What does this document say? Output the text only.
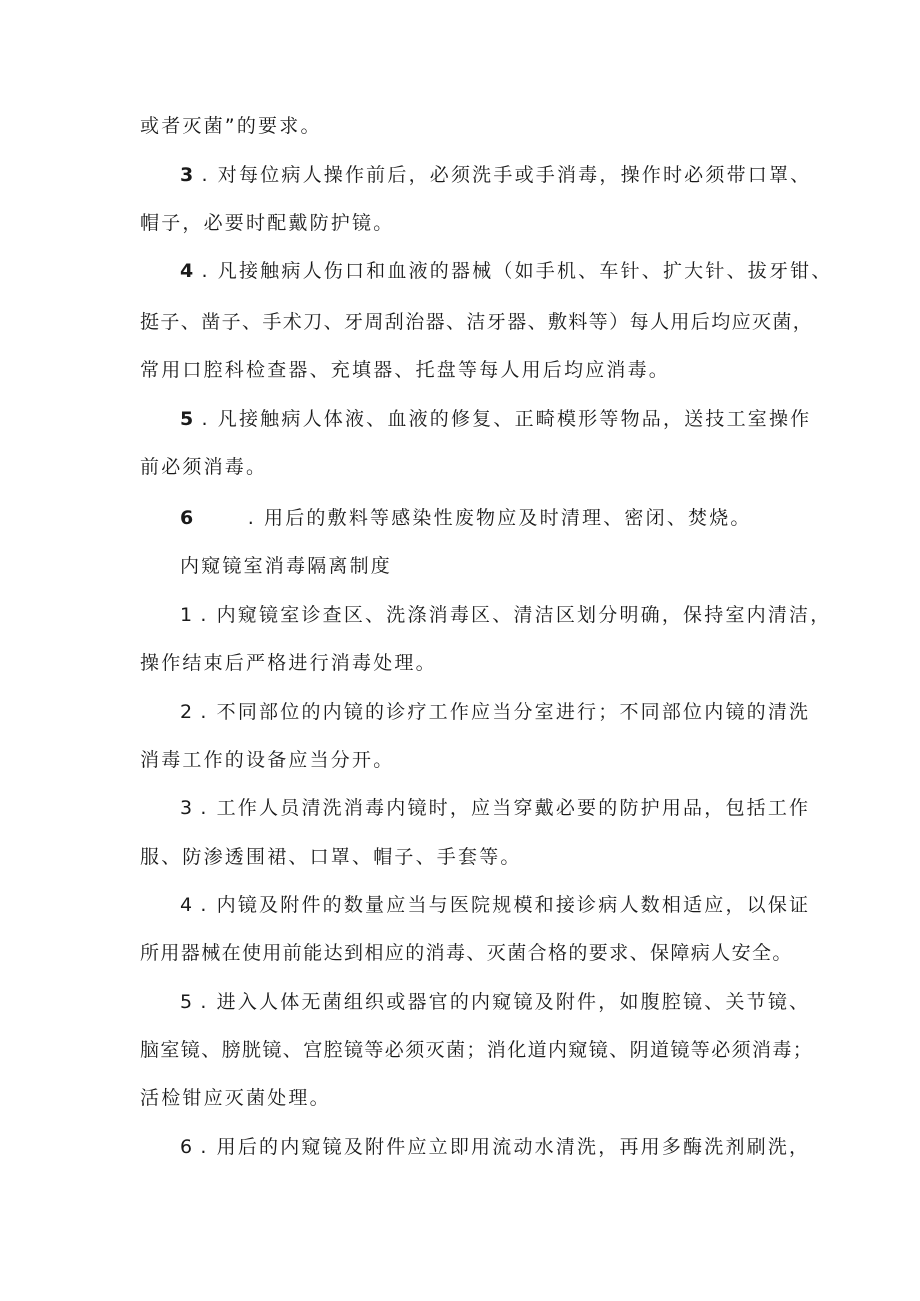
或者灭菌”的要求。
3 . 对每位病人操作前后，必须洗手或手消毒，操作时必须带口罩、
帽子，必要时配戴防护镜。
4 . 凡接触病人伤口和血液的器械（如手机、车针、扩大针、拔牙钳、
挺子、凿子、手术刀、牙周刮治器、洁牙器、敷料等）每人用后均应灭菌，
常用口腔科检查器、充填器、托盘等每人用后均应消毒。
5 . 凡接触病人体液、血液的修复、正畸模形等物品，送技工室操作
前必须消毒。
6	. 用后的敷料等感染性废物应及时清理、密闭、焚烧。
内窥镜室消毒隔离制度
1 . 内窥镜室诊查区、洗涤消毒区、清洁区划分明确，保持室内清洁，
操作结束后严格进行消毒处理。
2 . 不同部位的内镜的诊疗工作应当分室进行；不同部位内镜的清洗
消毒工作的设备应当分开。
3 . 工作人员清洗消毒内镜时，应当穿戴必要的防护用品，包括工作
服、防渗透围裙、口罩、帽子、手套等。
4 . 内镜及附件的数量应当与医院规模和接诊病人数相适应，以保证
所用器械在使用前能达到相应的消毒、灭菌合格的要求、保障病人安全。
5 . 进入人体无菌组织或器官的内窥镜及附件，如腹腔镜、关节镜、
脑室镜、膀胱镜、宫腔镜等必须灭菌；消化道内窥镜、阴道镜等必须消毒；
活检钳应灭菌处理。
6 . 用后的内窥镜及附件应立即用流动水清洗，再用多酶洗剂刷洗，
